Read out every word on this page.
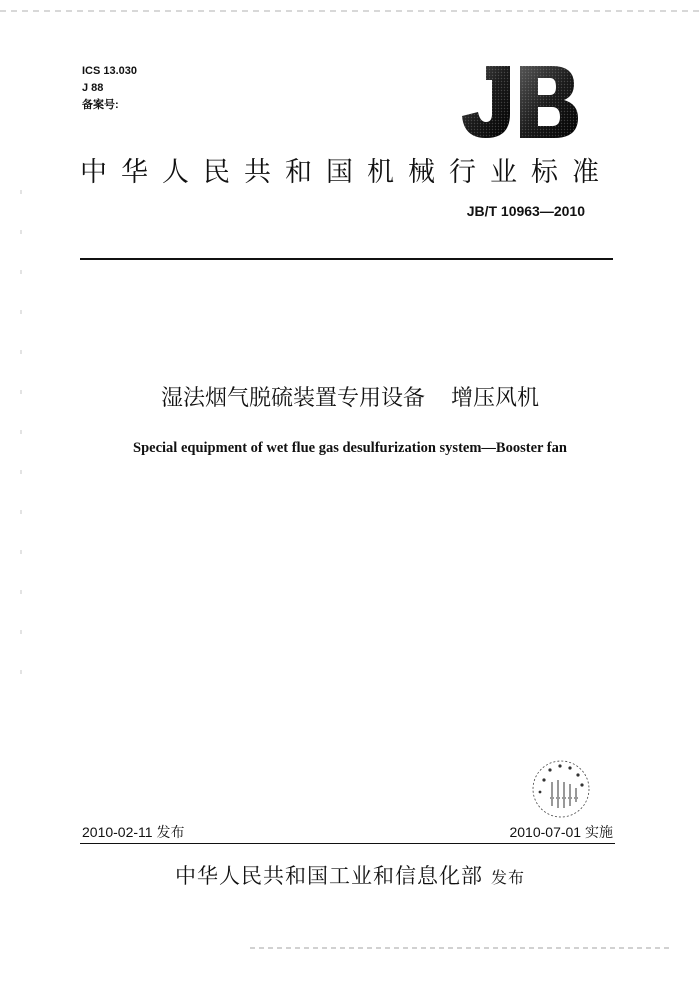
ICS 13.030
J 88
备案号:
中华人民共和国机械行业标准
JB/T 10963—2010
湿法烟气脱硫装置专用设备 增压风机
Special equipment of wet flue gas desulfurization system—Booster fan
2010-02-11 发布	2010-07-01 实施
中华人民共和国工业和信息化部 发布
